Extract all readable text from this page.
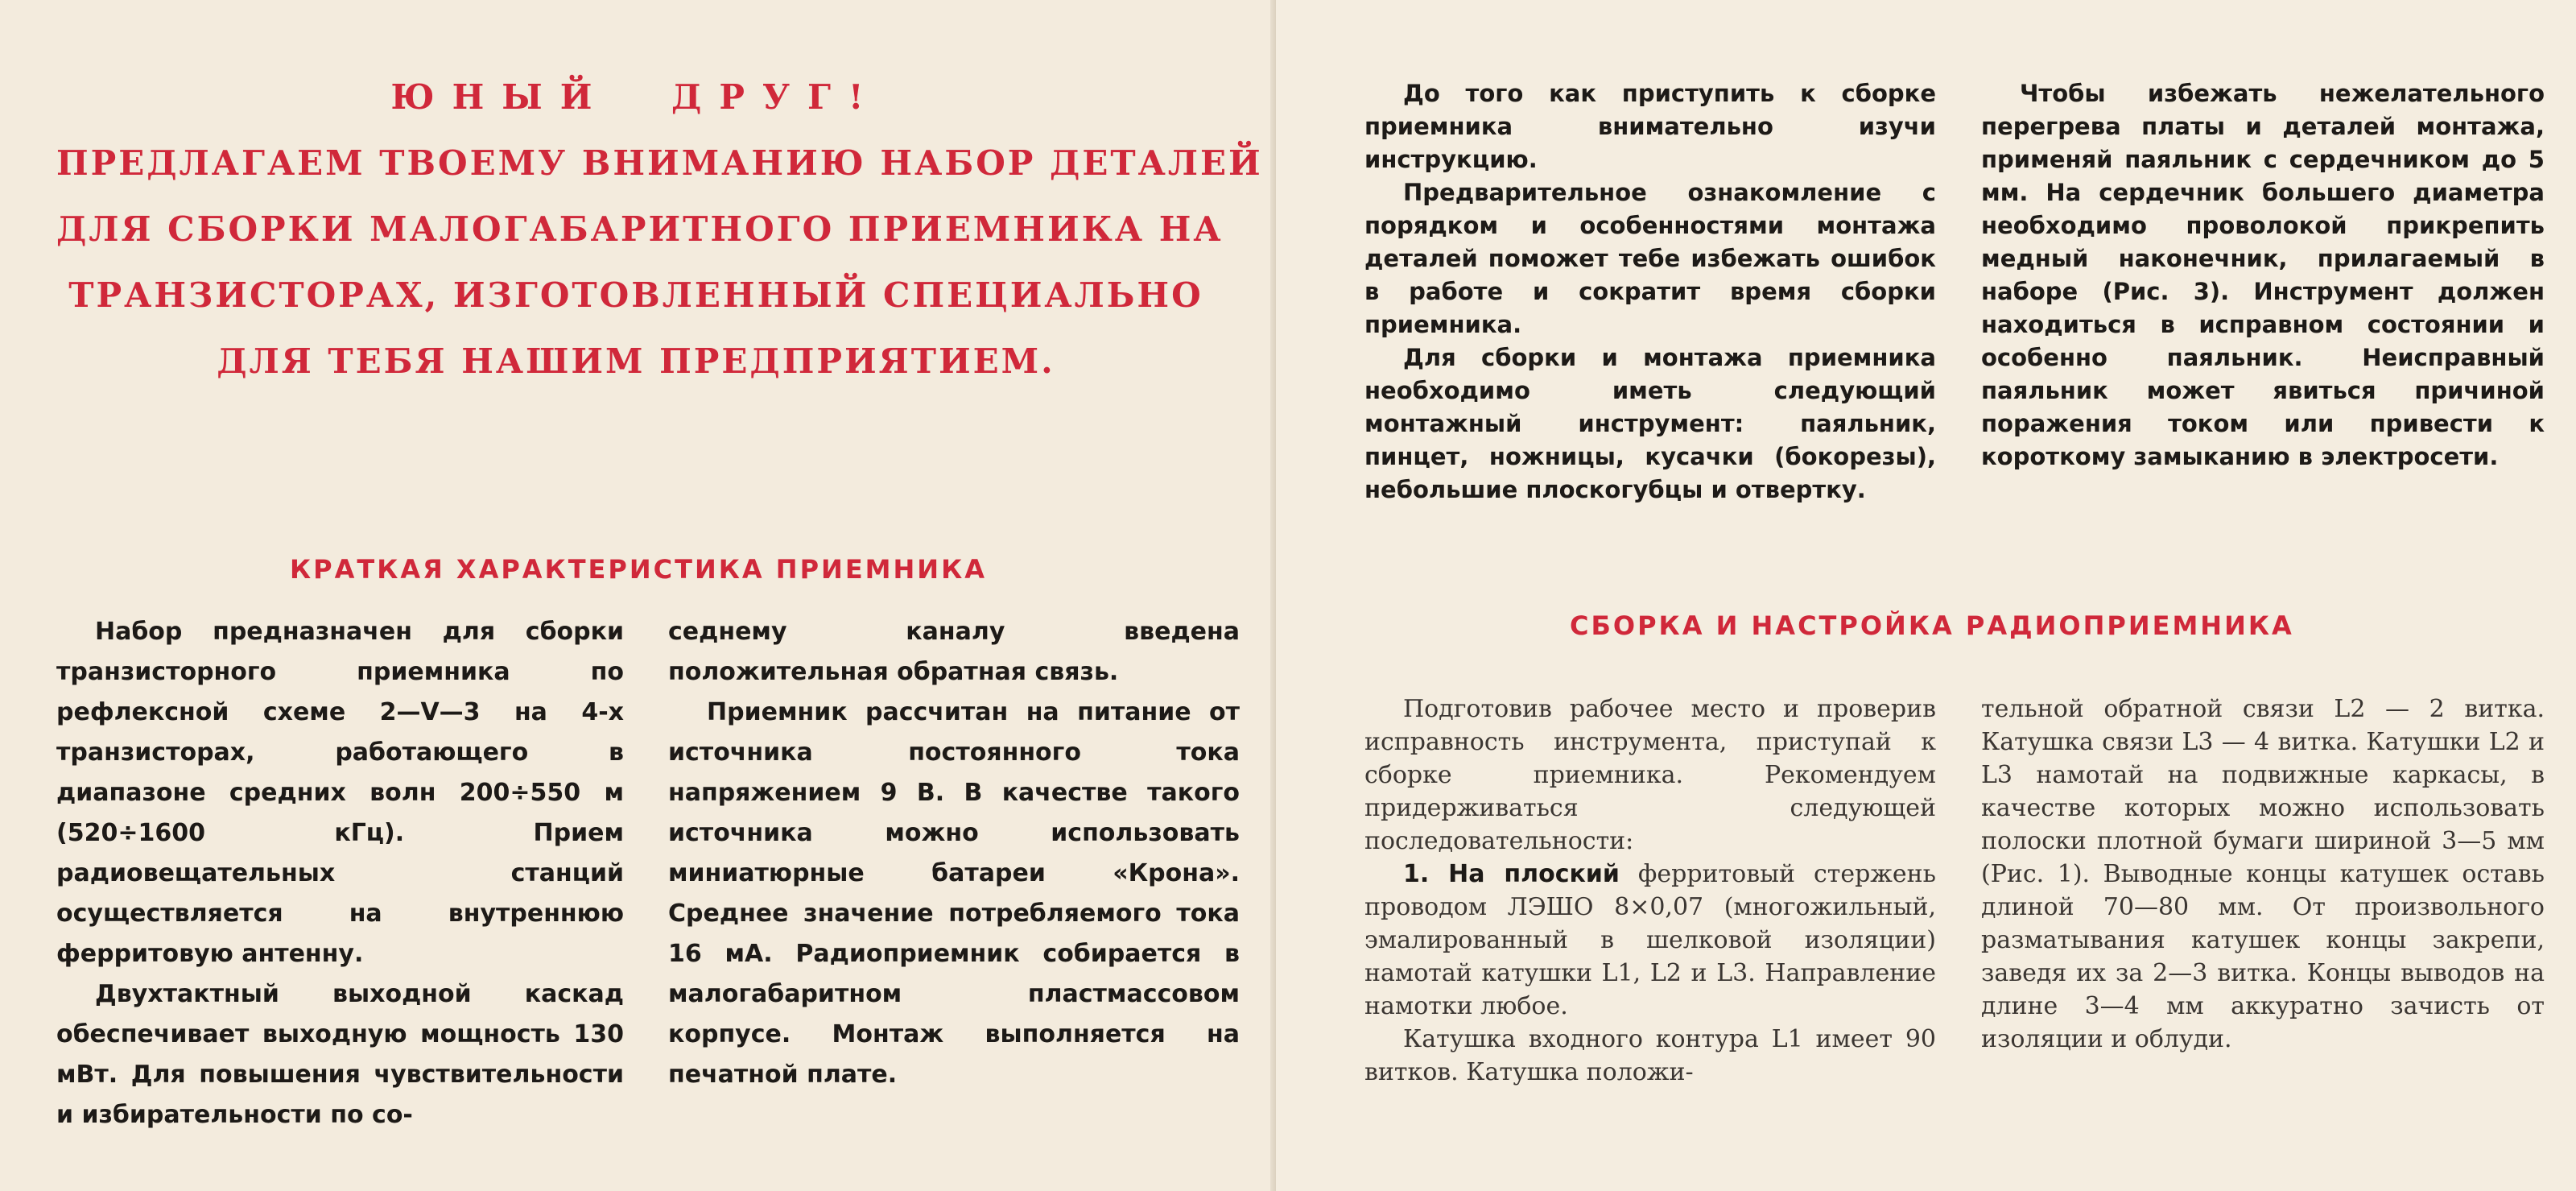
ЮНЫЙ ДРУГ!
ПРЕДЛАГАЕМ ТВОЕМУ ВНИМАНИЮ НАБОР ДЕТАЛЕЙ
ДЛЯ СБОРКИ МАЛОГАБАРИТНОГО ПРИЕМНИКА НА
ТРАНЗИСТОРАХ, ИЗГОТОВЛЕННЫЙ СПЕЦИАЛЬНО
ДЛЯ ТЕБЯ НАШИМ ПРЕДПРИЯТИЕМ.
КРАТКАЯ ХАРАКТЕРИСТИКА ПРИЕМНИКА

Набор предназначен для сборки транзисторного приемника по рефлексной схеме 2—V—3 на 4-х транзисторах, работающего в диапазоне средних волн 200÷550 м (520÷1600 кГц). Прием радиовещательных станций осуществляется на внутреннюю ферритовую антенну.

Двухтактный выходной каскад обеспечивает выходную мощность 130 мВт. Для повышения чувствительности и избирательности по со-

седнему каналу введена положительная обратная связь.

Приемник рассчитан на питание от источника постоянного тока напряжением 9 В. В качестве такого источника можно использовать миниатюрные батареи «Крона». Среднее значение потребляемого тока 16 мА. Радиоприемник собирается в малогабаритном пластмассовом корпусе. Монтаж выполняется на печатной плате.

До того как приступить к сборке приемника внимательно изучи инструкцию.

Предварительное ознакомление с порядком и особенностями монтажа деталей поможет тебе избежать ошибок в работе и сократит время сборки приемника.

Для сборки и монтажа приемника необходимо иметь следующий монтажный инструмент: паяльник, пинцет, ножницы, кусачки (бокорезы), небольшие плоскогубцы и отвертку.

Чтобы избежать нежелательного перегрева платы и деталей монтажа, применяй паяльник с сердечником до 5 мм. На сердечник большего диаметра необходимо проволокой прикрепить медный наконечник, прилагаемый в наборе (Рис. 3). Инструмент должен находиться в исправном состоянии и особенно паяльник. Неисправный паяльник может явиться причиной поражения током или привести к короткому замыканию в электросети.

СБОРКА И НАСТРОЙКА РАДИОПРИЕМНИКА

Подготовив рабочее место и проверив исправность инструмента, приступай к сборке приемника. Рекомендуем придерживаться следующей последовательности:

1. На плоский ферритовый стержень проводом ЛЭШО 8×0,07 (многожильный, эмалированный в шелковой изоляции) намотай катушки L1, L2 и L3. Направление намотки любое.

Катушка входного контура L1 имеет 90 витков. Катушка положи-

тельной обратной связи L2 — 2 витка. Катушка связи L3 — 4 витка. Катушки L2 и L3 намотай на подвижные каркасы, в качестве которых можно использовать полоски плотной бумаги шириной 3—5 мм (Рис. 1). Выводные концы катушек оставь длиной 70—80 мм. От произвольного разматывания катушек концы закрепи, заведя их за 2—3 витка. Концы выводов на длине 3—4 мм аккуратно зачисть от изоляции и облуди.
